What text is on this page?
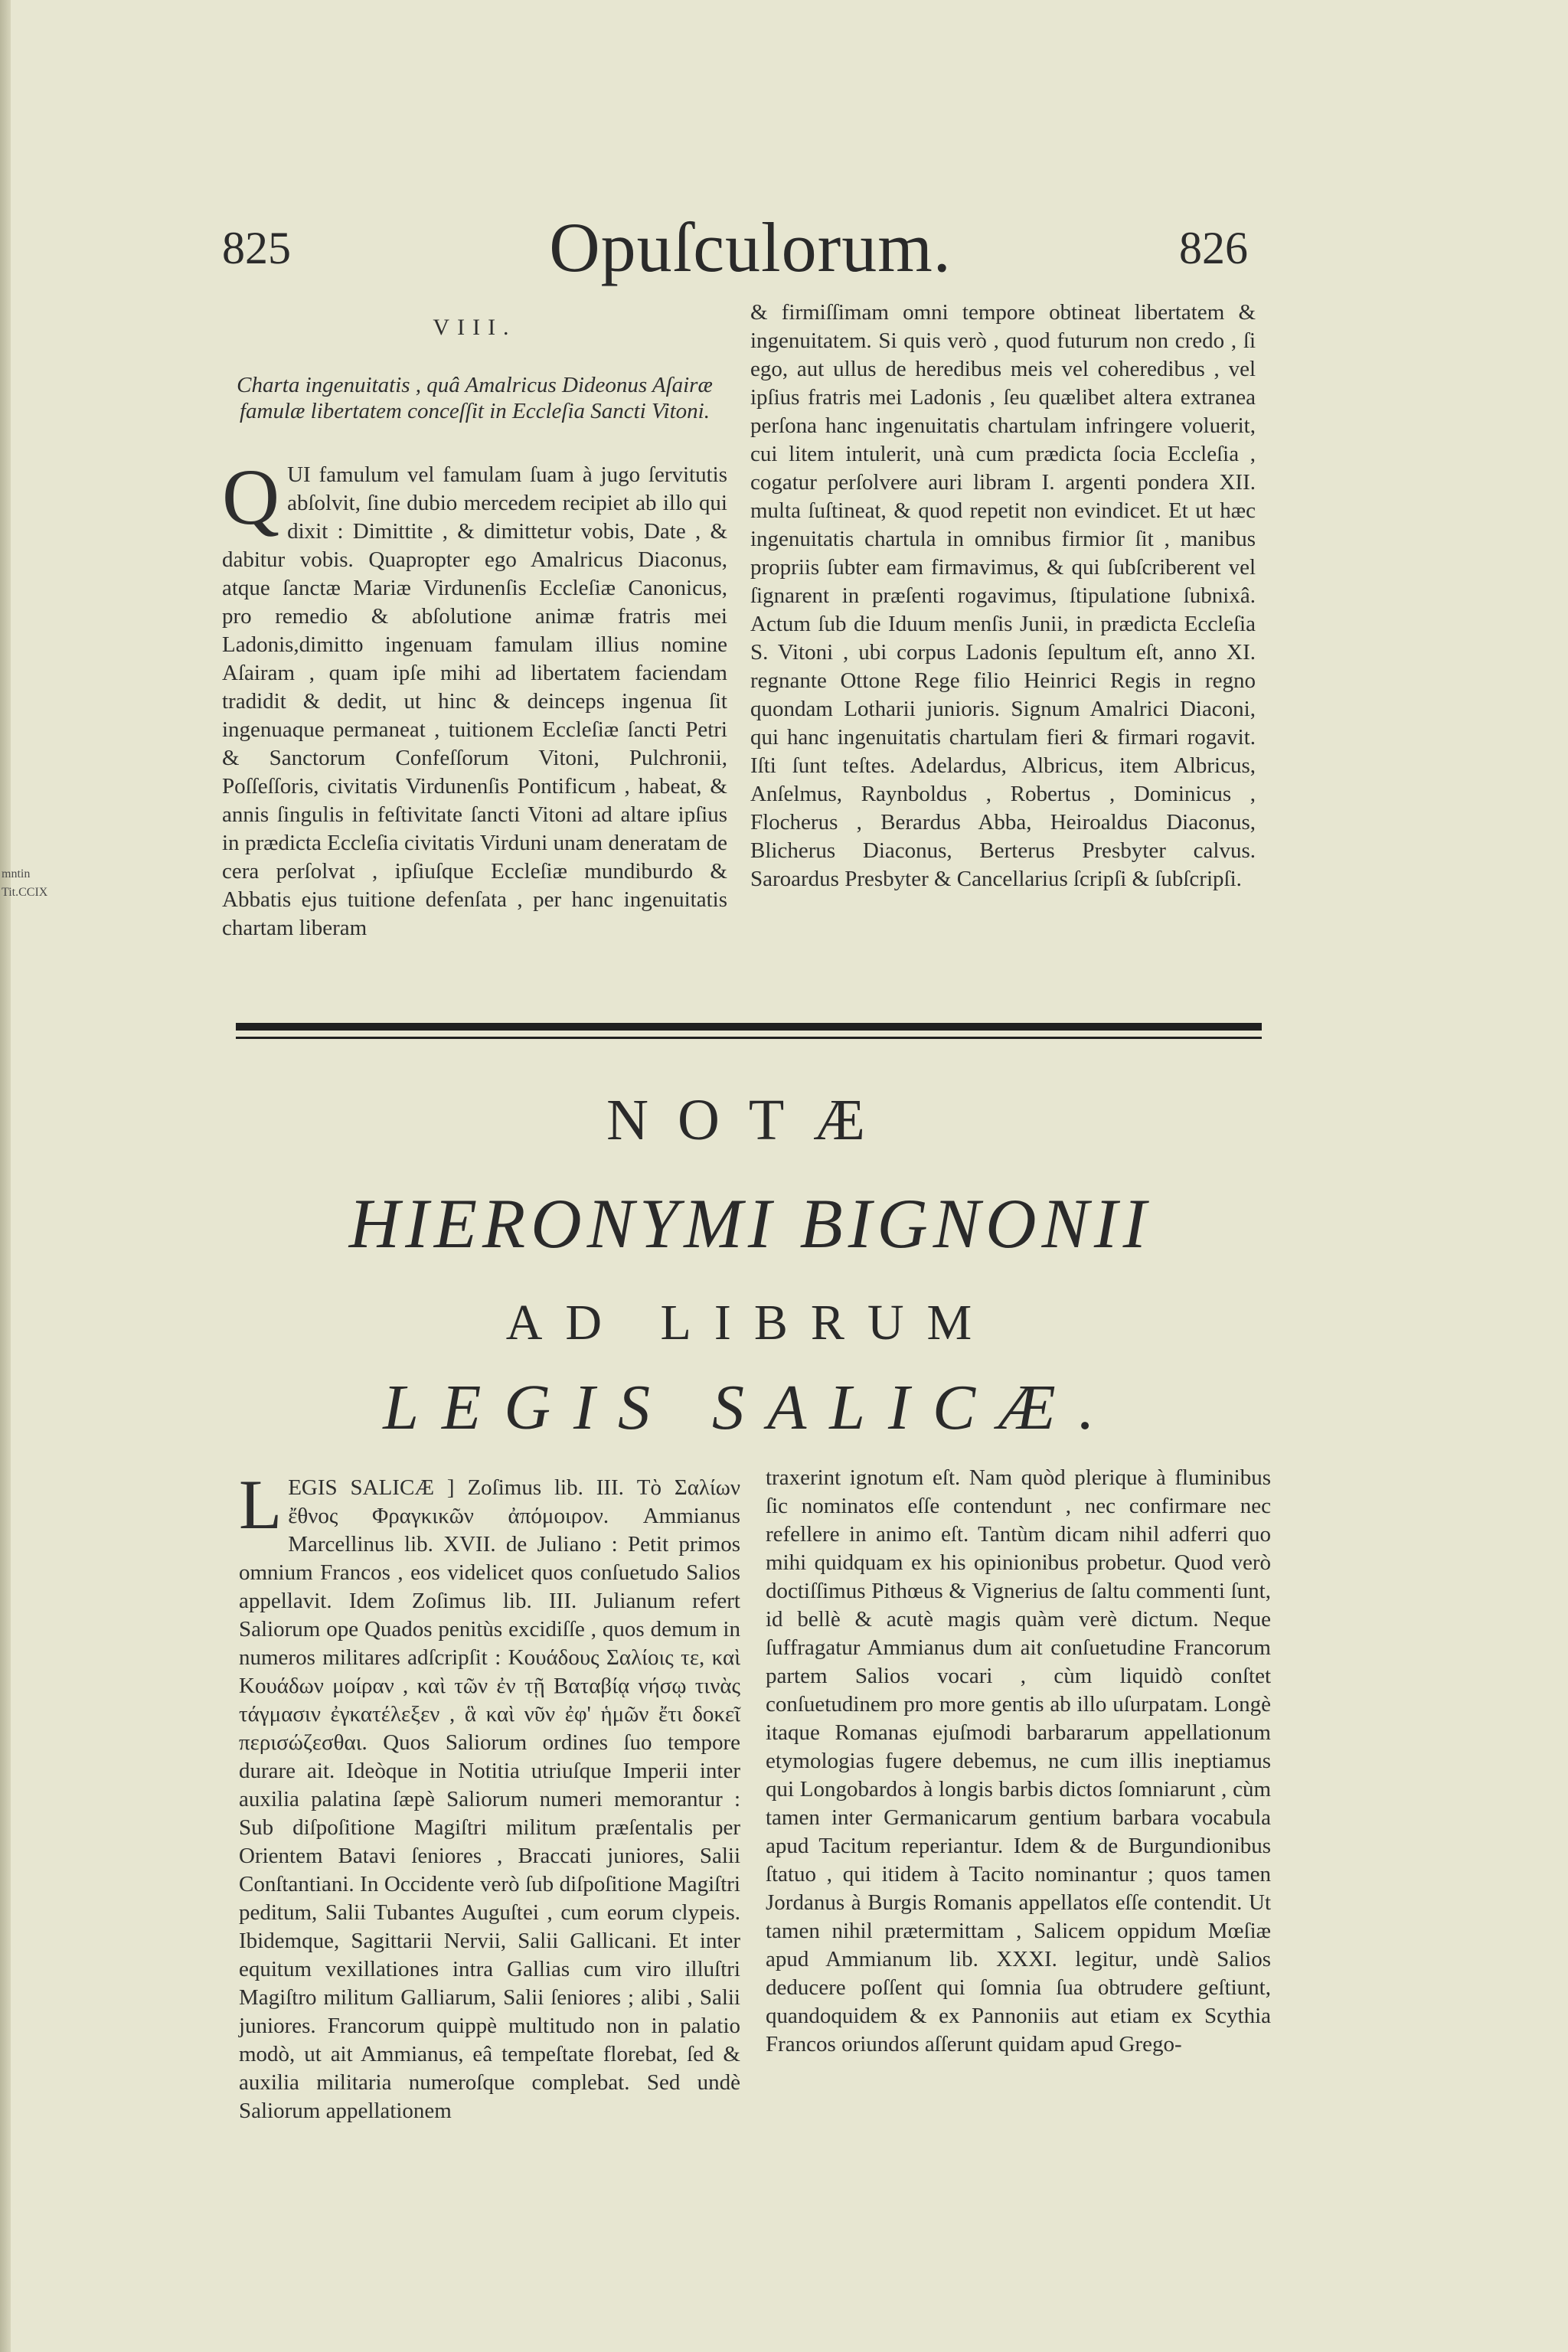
mntin
Tit.CCIX
825	Opuſculorum.	826
VIII.
Charta ingenuitatis , quâ Amalricus Dideonus Aſairæ famulæ libertatem conceſſit in Eccleſia Sancti Vitoni.

QUI famulum vel famulam ſuam à jugo ſervitutis abſolvit, ſine dubio mercedem recipiet ab illo qui dixit : Dimittite , & dimittetur vobis, Date , & dabitur vobis. Quapropter ego Amalricus Diaconus, atque ſanctæ Mariæ Virdunenſis Eccleſiæ Canonicus, pro remedio & abſolutione animæ fratris mei Ladonis,dimitto ingenuam famulam illius nomine Aſairam , quam ipſe mihi ad libertatem faciendam tradidit & dedit, ut hinc & deinceps ingenua ſit ingenuaque permaneat , tuitionem Eccleſiæ ſancti Petri & Sanctorum Confeſſorum Vitoni, Pulchronii, Poſſeſſoris, civitatis Virdunenſis Pontificum , habeat, & annis ſingulis in feſtivitate ſancti Vitoni ad altare ipſius in prædicta Eccleſia civitatis Virduni unam deneratam de cera perſolvat , ipſiuſque Eccleſiæ mundiburdo & Abbatis ejus tuitione defenſata , per hanc ingenuitatis chartam liberam

& firmiſſimam omni tempore obtineat libertatem & ingenuitatem. Si quis verò , quod futurum non credo , ſi ego, aut ullus de heredibus meis vel coheredibus , vel ipſius fratris mei Ladonis , ſeu quælibet altera extranea perſona hanc ingenuitatis chartulam infringere voluerit, cui litem intulerit, unà cum prædicta ſocia Eccleſia , cogatur perſolvere auri libram I. argenti pondera XII. multa ſuſtineat, & quod repetit non evindicet. Et ut hæc ingenuitatis chartula in omnibus firmior ſit , manibus propriis ſubter eam firmavimus, & qui ſubſcriberent vel ſignarent in præſenti rogavimus, ſtipulatione ſubnixâ. Actum ſub die Iduum menſis Junii, in prædicta Eccleſia S. Vitoni , ubi corpus Ladonis ſepultum eſt, anno XI. regnante Ottone Rege filio Heinrici Regis in regno quondam Lotharii junioris. Signum Amalrici Diaconi, qui hanc ingenuitatis chartulam fieri & firmari rogavit. Iſti ſunt teſtes. Adelardus, Albricus, item Albricus, Anſelmus, Raynboldus , Robertus , Dominicus , Flocherus , Berardus Abba, Heiroaldus Diaconus, Blicherus Diaconus, Berterus Presbyter calvus. Saroardus Presbyter & Cancellarius ſcripſi & ſubſcripſi.

NOTÆ
HIERONYMI BIGNONII
AD LIBRUM
LEGIS SALICÆ.

LEGIS SALICÆ ] Zoſimus lib. III. Τὸ Σαλίων ἔθνος Φραγκικῶν ἀπόμοιρον. Ammianus Marcellinus lib. XVII. de Juliano : Petit primos omnium Francos , eos videlicet quos conſuetudo Salios appellavit. Idem Zoſimus lib. III. Julianum refert Saliorum ope Quados penitùs excidiſſe , quos demum in numeros militares adſcripſit : Κουάδους Σαλίοις τε, καὶ Κουάδων μοίραν , καὶ τῶν ἐν τῇ Βαταβίᾳ νήσῳ τινὰς τάγμασιν ἐγκατέλεξεν , ἃ καὶ νῦν ἐφ' ἡμῶν ἔτι δοκεῖ περισώζεσθαι. Quos Saliorum ordines ſuo tempore durare ait. Ideòque in Notitia utriuſque Imperii inter auxilia palatina ſæpè Saliorum numeri memorantur : Sub diſpoſitione Magiſtri militum præſentalis per Orientem Batavi ſeniores , Braccati juniores, Salii Conſtantiani. In Occidente verò ſub diſpoſitione Magiſtri peditum, Salii Tubantes Auguſtei , cum eorum clypeis. Ibidemque, Sagittarii Nervii, Salii Gallicani. Et inter equitum vexillationes intra Gallias cum viro illuſtri Magiſtro militum Galliarum, Salii ſeniores ; alibi , Salii juniores. Francorum quippè multitudo non in palatio modò, ut ait Ammianus, eâ tempeſtate florebat, ſed & auxilia militaria numeroſque complebat. Sed undè Saliorum appellationem

traxerint ignotum eſt. Nam quòd plerique à fluminibus ſic nominatos eſſe contendunt , nec confirmare nec refellere in animo eſt. Tantùm dicam nihil adferri quo mihi quidquam ex his opinionibus probetur. Quod verò doctiſſimus Pithœus & Vignerius de ſaltu commenti ſunt, id bellè & acutè magis quàm verè dictum. Neque ſuffragatur Ammianus dum ait conſuetudine Francorum partem Salios vocari , cùm liquidò conſtet conſuetudinem pro more gentis ab illo uſurpatam. Longè itaque Romanas ejuſmodi barbararum appellationum etymologias fugere debemus, ne cum illis ineptiamus qui Longobardos à longis barbis dictos ſomniarunt , cùm tamen inter Germanicarum gentium barbara vocabula apud Tacitum reperiantur. Idem & de Burgundionibus ſtatuo , qui itidem à Tacito nominantur ; quos tamen Jordanus à Burgis Romanis appellatos eſſe contendit. Ut tamen nihil prætermittam , Salicem oppidum Mœſiæ apud Ammianum lib. XXXI. legitur, undè Salios deducere poſſent qui ſomnia ſua obtrudere geſtiunt, quandoquidem & ex Pannoniis aut etiam ex Scythia Francos oriundos aſſerunt quidam apud Grego-
